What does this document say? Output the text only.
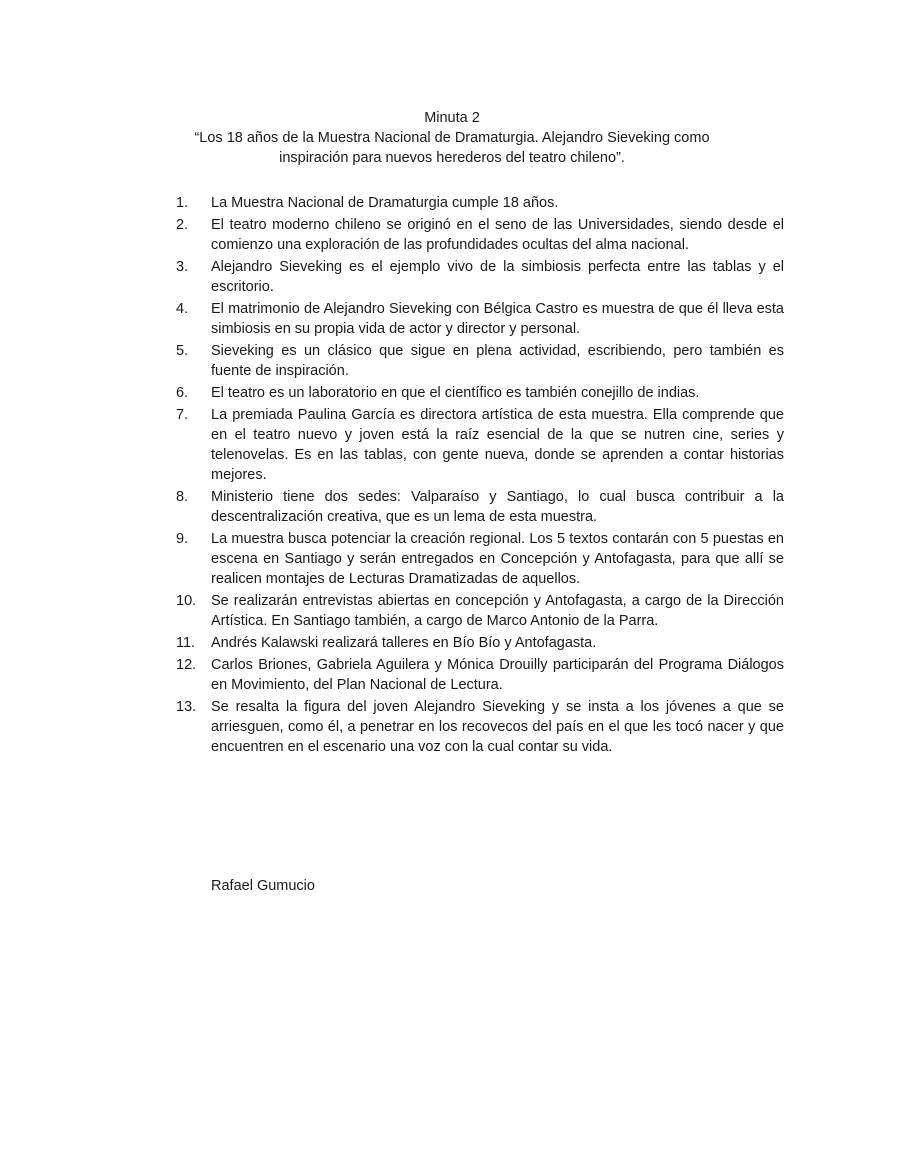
Minuta 2
“Los 18 años de la Muestra Nacional de Dramaturgia. Alejandro Sieveking como
inspiración para nuevos herederos del teatro chileno”.
1.	La Muestra Nacional de Dramaturgia cumple 18 años.
2.	El teatro moderno chileno se originó en el seno de las Universidades, siendo desde el comienzo una exploración de las profundidades ocultas del alma nacional.
3.	Alejandro Sieveking es el ejemplo vivo de la simbiosis perfecta entre las tablas y el escritorio.
4.	El matrimonio de Alejandro Sieveking con Bélgica Castro es muestra de que él lleva esta simbiosis en su propia vida de actor y director y personal.
5.	Sieveking es un clásico que sigue en plena actividad, escribiendo, pero también es fuente de inspiración.
6.	El teatro es un laboratorio en que el científico es también conejillo de indias.
7.	La premiada Paulina García es directora artística de esta muestra. Ella comprende que en el teatro nuevo y joven está la raíz esencial de la que se nutren cine, series y telenovelas. Es en las tablas, con gente nueva, donde se aprenden a contar historias mejores.
8.	Ministerio tiene dos sedes: Valparaíso y Santiago, lo cual busca contribuir a la descentralización creativa, que es un lema de esta muestra.
9.	La muestra busca potenciar la creación regional. Los 5 textos contarán con 5 puestas en escena en Santiago y serán entregados en Concepción y Antofagasta, para que allí se realicen montajes de Lecturas Dramatizadas de aquellos.
10.	Se realizarán entrevistas abiertas en concepción y Antofagasta, a cargo de la Dirección Artística. En Santiago también, a cargo de Marco Antonio de la Parra.
11.	Andrés Kalawski realizará talleres en Bío Bío y Antofagasta.
12.	Carlos Briones, Gabriela Aguilera y Mónica Drouilly participarán del Programa Diálogos en Movimiento, del Plan Nacional de Lectura.
13.	Se resalta la figura del joven Alejandro Sieveking y se insta a los jóvenes a que se arriesguen, como él, a penetrar en los recovecos del país en el que les tocó nacer y que encuentren en el escenario una voz con la cual contar su vida.
Rafael Gumucio
